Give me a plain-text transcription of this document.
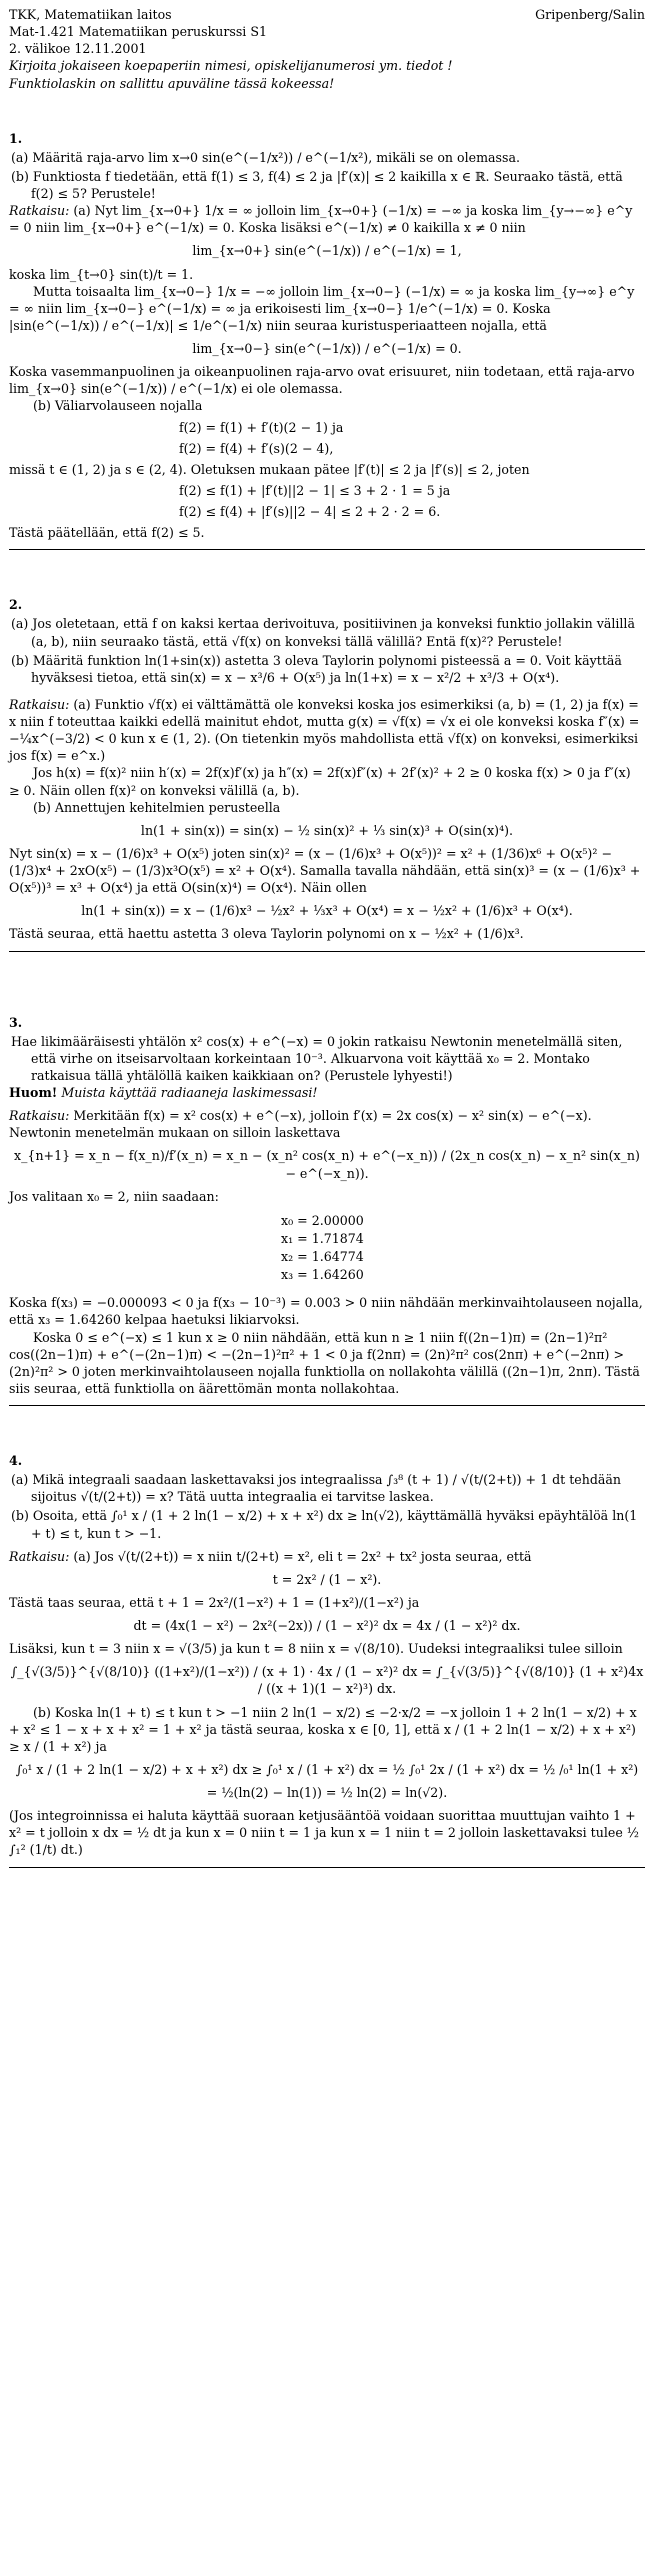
TKK, Matematiikan laitos	Gripenberg/Salin

Mat-1.421 Matematiikan peruskurssi S1

2. välikoe 12.11.2001

Kirjoita jokaiseen koepaperiin nimesi, opiskelijanumerosi ym. tiedot !

Funktiolaskin on sallittu apuväline tässä kokeessa!

1.

(a) Määritä raja-arvo lim x→0 sin(e^(−1/x²)) / e^(−1/x²), mikäli se on olemassa.

(b) Funktiosta f tiedetään, että f(1) ≤ 3, f(4) ≤ 2 ja |f′(x)| ≤ 2 kaikilla x ∈ ℝ. Seuraako tästä, että f(2) ≤ 5? Perustele!

Ratkaisu: (a) Nyt lim_{x→0+} 1/x = ∞ jolloin lim_{x→0+} (−1/x) = −∞ ja koska lim_{y→−∞} e^y = 0 niin lim_{x→0+} e^(−1/x) = 0. Koska lisäksi e^(−1/x) ≠ 0 kaikilla x ≠ 0 niin

lim_{x→0+} sin(e^(−1/x)) / e^(−1/x) = 1,

koska lim_{t→0} sin(t)/t = 1.

Mutta toisaalta lim_{x→0−} 1/x = −∞ jolloin lim_{x→0−} (−1/x) = ∞ ja koska lim_{y→∞} e^y = ∞ niin lim_{x→0−} e^(−1/x) = ∞ ja erikoisesti lim_{x→0−} 1/e^(−1/x) = 0. Koska |sin(e^(−1/x)) / e^(−1/x)| ≤ 1/e^(−1/x) niin seuraa kuristusperiaatteen nojalla, että

lim_{x→0−} sin(e^(−1/x)) / e^(−1/x) = 0.

Koska vasemmanpuolinen ja oikeanpuolinen raja-arvo ovat erisuuret, niin todetaan, että raja-arvo lim_{x→0} sin(e^(−1/x)) / e^(−1/x) ei ole olemassa.

(b) Väliarvolauseen nojalla

f(2) = f(1) + f′(t)(2 − 1) ja

f(2) = f(4) + f′(s)(2 − 4),

missä t ∈ (1, 2) ja s ∈ (2, 4). Oletuksen mukaan pätee |f′(t)| ≤ 2 ja |f′(s)| ≤ 2, joten

f(2) ≤ f(1) + |f′(t)||2 − 1| ≤ 3 + 2 · 1 = 5 ja

f(2) ≤ f(4) + |f′(s)||2 − 4| ≤ 2 + 2 · 2 = 6.

Tästä päätellään, että f(2) ≤ 5.

2.

(a) Jos oletetaan, että f on kaksi kertaa derivoituva, positiivinen ja konveksi funktio jollakin välillä (a, b), niin seuraako tästä, että √f(x) on konveksi tällä välillä? Entä f(x)²? Perustele!

(b) Määritä funktion ln(1+sin(x)) astetta 3 oleva Taylorin polynomi pisteessä a = 0. Voit käyttää hyväksesi tietoa, että sin(x) = x − x³/6 + O(x⁵) ja ln(1+x) = x − x²/2 + x³/3 + O(x⁴).

Ratkaisu: (a) Funktio √f(x) ei välttämättä ole konveksi koska jos esimerkiksi (a, b) = (1, 2) ja f(x) = x niin f toteuttaa kaikki edellä mainitut ehdot, mutta g(x) = √f(x) = √x ei ole konveksi koska f″(x) = −¼x^(−3/2) < 0 kun x ∈ (1, 2). (On tietenkin myös mahdollista että √f(x) on konveksi, esimerkiksi jos f(x) = e^x.)

Jos h(x) = f(x)² niin h′(x) = 2f(x)f′(x) ja h″(x) = 2f(x)f″(x) + 2f′(x)² + 2 ≥ 0 koska f(x) > 0 ja f″(x) ≥ 0. Näin ollen f(x)² on konveksi välillä (a, b).

(b) Annettujen kehitelmien perusteella

ln(1 + sin(x)) = sin(x) − ½ sin(x)² + ⅓ sin(x)³ + O(sin(x)⁴).

Nyt sin(x) = x − (1/6)x³ + O(x⁵) joten sin(x)² = (x − (1/6)x³ + O(x⁵))² = x² + (1/36)x⁶ + O(x⁵)² − (1/3)x⁴ + 2xO(x⁵) − (1/3)x³O(x⁵) = x² + O(x⁴). Samalla tavalla nähdään, että sin(x)³ = (x − (1/6)x³ + O(x⁵))³ = x³ + O(x⁴) ja että O(sin(x)⁴) = O(x⁴). Näin ollen

ln(1 + sin(x)) = x − (1/6)x³ − ½x² + ⅓x³ + O(x⁴) = x − ½x² + (1/6)x³ + O(x⁴).

Tästä seuraa, että haettu astetta 3 oleva Taylorin polynomi on x − ½x² + (1/6)x³.

3.

Hae likimääräisesti yhtälön x² cos(x) + e^(−x) = 0 jokin ratkaisu Newtonin menetelmällä siten, että virhe on itseisarvoltaan korkeintaan 10⁻³. Alkuarvona voit käyttää x₀ = 2. Montako ratkaisua tällä yhtälöllä kaiken kaikkiaan on? (Perustele lyhyesti!)

Huom! Muista käyttää radiaaneja laskimessasi!

Ratkaisu: Merkitään f(x) = x² cos(x) + e^(−x), jolloin f′(x) = 2x cos(x) − x² sin(x) − e^(−x). Newtonin menetelmän mukaan on silloin laskettava

x_{n+1} = x_n − f(x_n)/f′(x_n) = x_n − (x_n² cos(x_n) + e^(−x_n)) / (2x_n cos(x_n) − x_n² sin(x_n) − e^(−x_n)).

Jos valitaan x₀ = 2, niin saadaan:

x₀ = 2.00000

x₁ = 1.71874

x₂ = 1.64774

x₃ = 1.64260

Koska f(x₃) = −0.000093 < 0 ja f(x₃ − 10⁻³) = 0.003 > 0 niin nähdään merkinvaihtolauseen nojalla, että x₃ = 1.64260 kelpaa haetuksi likiarvoksi.

Koska 0 ≤ e^(−x) ≤ 1 kun x ≥ 0 niin nähdään, että kun n ≥ 1 niin f((2n−1)π) = (2n−1)²π² cos((2n−1)π) + e^(−(2n−1)π) < −(2n−1)²π² + 1 < 0 ja f(2nπ) = (2n)²π² cos(2nπ) + e^(−2nπ) > (2n)²π² > 0 joten merkinvaihtolauseen nojalla funktiolla on nollakohta välillä ((2n−1)π, 2nπ). Tästä siis seuraa, että funktiolla on äärettömän monta nollakohtaa.

4.

(a) Mikä integraali saadaan laskettavaksi jos integraalissa ∫₃⁸ (t + 1) / √(t/(2+t)) + 1 dt tehdään sijoitus √(t/(2+t)) = x? Tätä uutta integraalia ei tarvitse laskea.

(b) Osoita, että ∫₀¹ x / (1 + 2 ln(1 − x/2) + x + x²) dx ≥ ln(√2), käyttämällä hyväksi epäyhtälöä ln(1 + t) ≤ t, kun t > −1.

Ratkaisu: (a) Jos √(t/(2+t)) = x niin t/(2+t) = x², eli t = 2x² + tx² josta seuraa, että

t = 2x² / (1 − x²).

Tästä taas seuraa, että t + 1 = 2x²/(1−x²) + 1 = (1+x²)/(1−x²) ja

dt = (4x(1 − x²) − 2x²(−2x)) / (1 − x²)² dx = 4x / (1 − x²)² dx.

Lisäksi, kun t = 3 niin x = √(3/5) ja kun t = 8 niin x = √(8/10). Uudeksi integraaliksi tulee silloin

∫_{√(3/5)}^{√(8/10)} ((1+x²)/(1−x²)) / (x + 1) · 4x / (1 − x²)² dx = ∫_{√(3/5)}^{√(8/10)} (1 + x²)4x / ((x + 1)(1 − x²)³) dx.

(b) Koska ln(1 + t) ≤ t kun t > −1 niin 2 ln(1 − x/2) ≤ −2·x/2 = −x jolloin 1 + 2 ln(1 − x/2) + x + x² ≤ 1 − x + x + x² = 1 + x² ja tästä seuraa, koska x ∈ [0, 1], että x / (1 + 2 ln(1 − x/2) + x + x²) ≥ x / (1 + x²) ja

∫₀¹ x / (1 + 2 ln(1 − x/2) + x + x²) dx ≥ ∫₀¹ x / (1 + x²) dx = ½ ∫₀¹ 2x / (1 + x²) dx = ½ /₀¹ ln(1 + x²)

= ½(ln(2) − ln(1)) = ½ ln(2) = ln(√2).

(Jos integroinnissa ei haluta käyttää suoraan ketjusääntöä voidaan suorittaa muuttujan vaihto 1 + x² = t jolloin x dx = ½ dt ja kun x = 0 niin t = 1 ja kun x = 1 niin t = 2 jolloin laskettavaksi tulee ½ ∫₁² (1/t) dt.)
